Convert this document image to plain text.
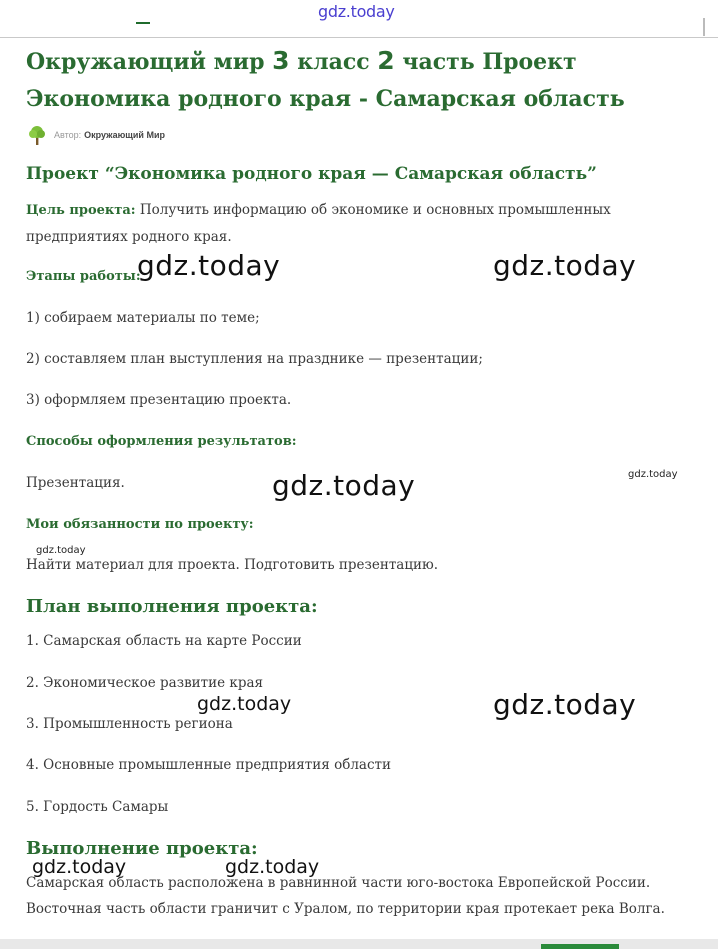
gdz.today
Окружающий мир 3 класс 2 часть Проект Экономика родного края - Самарская область
Автор: Окружающий Мир
Проект “Экономика родного края — Самарская область”

Цель проекта: Получить информацию об экономике и основных промышленных предприятиях родного края.

Этапы работы:

1) собираем материалы по теме;

2) составляем план выступления на празднике — презентации;

3) оформляем презентацию проекта.

Способы оформления результатов:

Презентация.

Мои обязанности по проекту:

Найти материал для проекта. Подготовить презентацию.

План выполнения проекта:

1. Самарская область на карте России

2. Экономическое развитие края

3. Промышленность региона

4. Основные промышленные предприятия области

5. Гордость Самары

Выполнение проекта:

Самарская область расположена в равнинной части юго-востока Европейской России. Восточная часть области граничит с Уралом, по территории края протекает река Волга.

gdz.today	gdz.today
gdz.today	gdz.today
gdz.today
gdz.today	gdz.today
gdz.today	gdz.today
